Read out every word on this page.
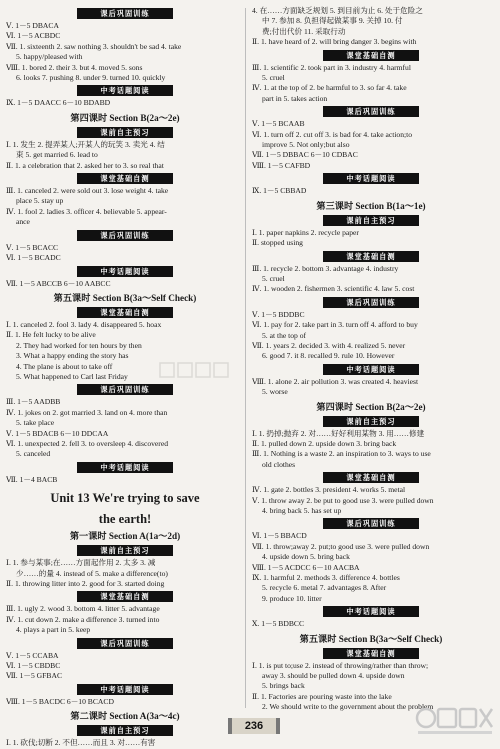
课后巩固训练
Ⅴ. 1－5 DBACA
Ⅵ. 1－5 ACBDC
Ⅶ. 1. sixteenth 2. saw nothing 3. shouldn't be sad 4. take
5. happy/pleased with
Ⅷ. 1. bored 2. their 3. but 4. moved 5. sons
6. looks 7. pushing 8. under 9. turned 10. quickly
中考话题阅读
Ⅸ. 1－5 DAACC 6－10 BDABD
第四课时 Section B(2a～2e)
课前自主预习
Ⅰ. 1. 发生 2. 提弄某人;开某人的玩笑 3. 卖光 4. 结
束 5. get married 6. lead to
Ⅱ. 1. a celebration that 2. asked her to 3. so real that
课堂基础自测
Ⅲ. 1. canceled 2. were sold out 3. lose weight 4. take
place 5. stay up
Ⅳ. 1. fool 2. ladies 3. officer 4. believable 5. appear-
ance
课后巩固训练
Ⅴ. 1－5 BCACC
Ⅵ. 1－5 BCADC
中考话题阅读
Ⅶ. 1－5 ABCCB 6－10 AABCC
第五课时 Section B(3a～Self Check)
课堂基础自测
Ⅰ. 1. canceled 2. fool 3. lady 4. disappeared 5. hoax
Ⅱ. 1. He felt lucky to be alive
2. They had worked for ten hours by then
3. What a happy ending the story has
4. The plane is about to take off
5. What happened to Carl last Friday
课后巩固训练
Ⅲ. 1－5 AADBB
Ⅳ. 1. jokes on 2. got married 3. land on 4. more than
5. take place
Ⅴ. 1－5 BDACB 6－10 DDCAA
Ⅵ. 1. unexpected 2. fell 3. to oversleep 4. discovered
5. canceled
中考话题阅读
Ⅶ. 1－4 BACB
Unit 13 We're trying to save
the earth!
第一课时 Section A(1a～2d)
课前自主预习
Ⅰ. 1. 参与某事;在……方面起作用 2. 太多 3. 减
少……的量 4. instead of 5. make a difference(to)
Ⅱ. 1. throwing litter into 2. good for 3. started doing
课堂基础自测
Ⅲ. 1. ugly 2. wood 3. bottom 4. litter 5. advantage
Ⅳ. 1. cut down 2. make a difference 3. turned into
4. plays a part in 5. keep
课后巩固训练
Ⅴ. 1－5 CCABA
Ⅵ. 1－5 CBDBC
Ⅶ. 1－5 GFBAC
中考话题阅读
Ⅷ. 1－5 BACDC 6－10 BCACD
第二课时 Section A(3a～4c)
课前自主预习
Ⅰ. 1. 砍伐;切断 2. 不但……而且 3. 对……有害
4. 在……方面缺乏规划 5. 到目前为止 6. 处于危险之
中 7. 参加 8. 负担得起做某事 9. 关掉 10. 付
费;付出代价 11. 采取行动
Ⅱ. 1. have heard of 2. will bring danger 3. begins with
课堂基础自测
Ⅲ. 1. scientific 2. took part in 3. industry 4. harmful
5. cruel
Ⅳ. 1. at the top of 2. be harmful to 3. so far 4. take
part in 5. takes action
课后巩固训练
Ⅴ. 1－5 BCAAB
Ⅵ. 1. turn off 2. cut off 3. is bad for 4. take action;to
improve 5. Not only;but also
Ⅶ. 1－5 DBBAC 6－10 CDBAC
Ⅷ. 1－5 CAFBD
中考话题阅读
Ⅸ. 1－5 CBBAD
第三课时 Section B(1a～1e)
课前自主预习
Ⅰ. 1. paper napkins 2. recycle paper
Ⅱ. stopped using
课堂基础自测
Ⅲ. 1. recycle 2. bottom 3. advantage 4. industry
5. cruel
Ⅳ. 1. wooden 2. fishermen 3. scientific 4. law 5. cost
课后巩固训练
Ⅴ. 1－5 BDDBC
Ⅵ. 1. pay for 2. take part in 3. turn off 4. afford to buy
5. at the top of
Ⅶ. 1. years 2. decided 3. with 4. realized 5. never
6. good 7. it 8. recalled 9. rule 10. However
中考话题阅读
Ⅷ. 1. alone 2. air pollution 3. was created 4. heaviest
5. worse
第四课时 Section B(2a～2e)
课前自主预习
Ⅰ. 1. 扔掉;抛弃 2. 对……好好利用某物 3. 用……修建
Ⅱ. 1. pulled down 2. upside down 3. bring back
Ⅲ. 1. Nothing is a waste 2. an inspiration to 3. ways to use
old clothes
课堂基础自测
Ⅳ. 1. gate 2. bottles 3. president 4. works 5. metal
Ⅴ. 1. throw away 2. be put to good use 3. were pulled down
4. bring back 5. has set up
课后巩固训练
Ⅵ. 1－5 BBACD
Ⅶ. 1. throw;away 2. put;to good use 3. were pulled down
4. upside down 5. bring back
Ⅷ. 1－5 ACDCC 6－10 AACBA
Ⅸ. 1. harmful 2. methods 3. difference 4. bottles
5. recycle 6. metal 7. advantages 8. After
9. produce 10. litter
中考话题阅读
Ⅹ. 1－5 BDBCC
第五课时 Section B(3a～Self Check)
课堂基础自测
Ⅰ. 1. is put to;use 2. instead of throwing/rather than throw;
away 3. should be pulled down 4. upside down
5. brings back
Ⅱ. 1. Factories are pouring waste into the lake
2. We should write to the government about the problem
236
